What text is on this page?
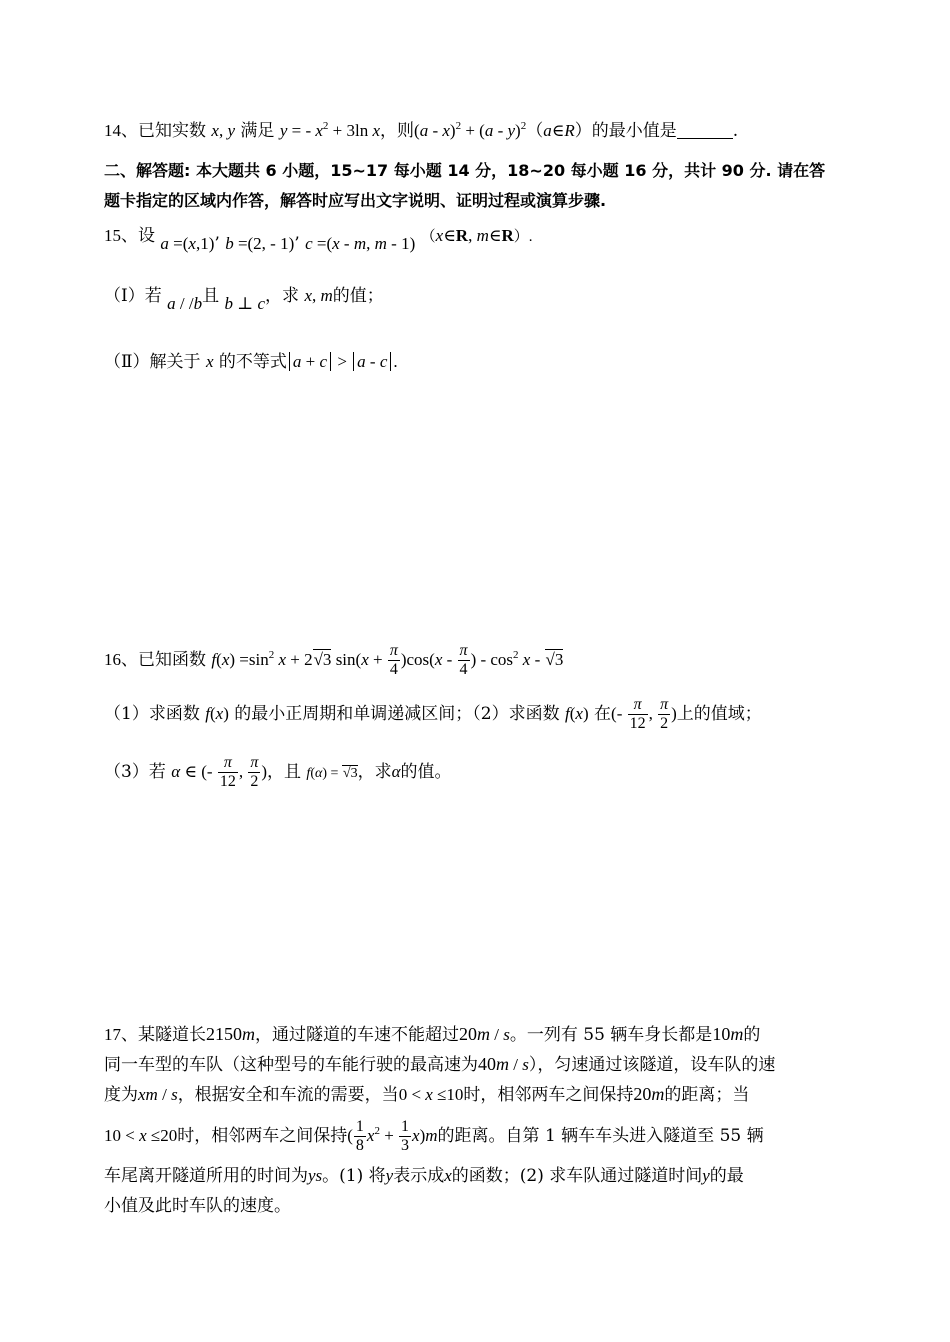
14、已知实数 x, y 满足 y = - $x^2 + 3\ln$ x，则(a - x)$^2$ + (a - y)$^2$（a∈R）的最小值是	.
二、解答题: 本大题共 6 小题，15~17 每小题 14 分，18~20 每小题 16 分，共计 90 分. 请在答
题卡指定的区域内作答，解答时应写出文字说明、证明过程或演算步骤.
15、设 a =(x,1)’ b =(2, - 1)’ c =(x - m, m - 1) （x∈R, m∈R）.
（Ⅰ）若 a / /b且 b ⊥ c，求 x, m的值；
（Ⅱ）解关于 x 的不等式 a + c > a - c .
16、已知函数 $f(x) =\sin^2$ x + 2√3 $\sin(x + \frac{\pi}{4} )\cos(x - \frac{\pi}{4}$ ) - $\cos^2 x - √3$
（1）求函数 f(x) 的最小正周期和单调递减区间；（2）求函数 f(x) 在(- $\frac{\pi}{12}$ , $\frac{\pi}{2}$ )上的值域；
（3）若 α ∈ (- $\frac{\pi}{12}$ , $\frac{\pi}{2}$ )，且 f(α) = √3，求α的值。
17、某隧道长2150m，通过隧道的车速不能超过20m / s。一列有 55 辆车身长都是10m的
同一车型的车队（这种型号的车能行驶的最高速为40m / s），匀速通过该隧道，设车队的速
度为xm / s，根据安全和车流的需要，当0 < x ≤10时，相邻两车之间保持20m的距离；当
10 < x ≤20时，相邻两车之间保持( $\frac{1}{8} x^2 + \frac{1}{3} x)m$的距离。自第 1 辆车车头进入隧道至 55 辆
车尾离开隧道所用的时间为ys。(1) 将y表示成x的函数；(2) 求车队通过隧道时间y的最
小值及此时车队的速度。
